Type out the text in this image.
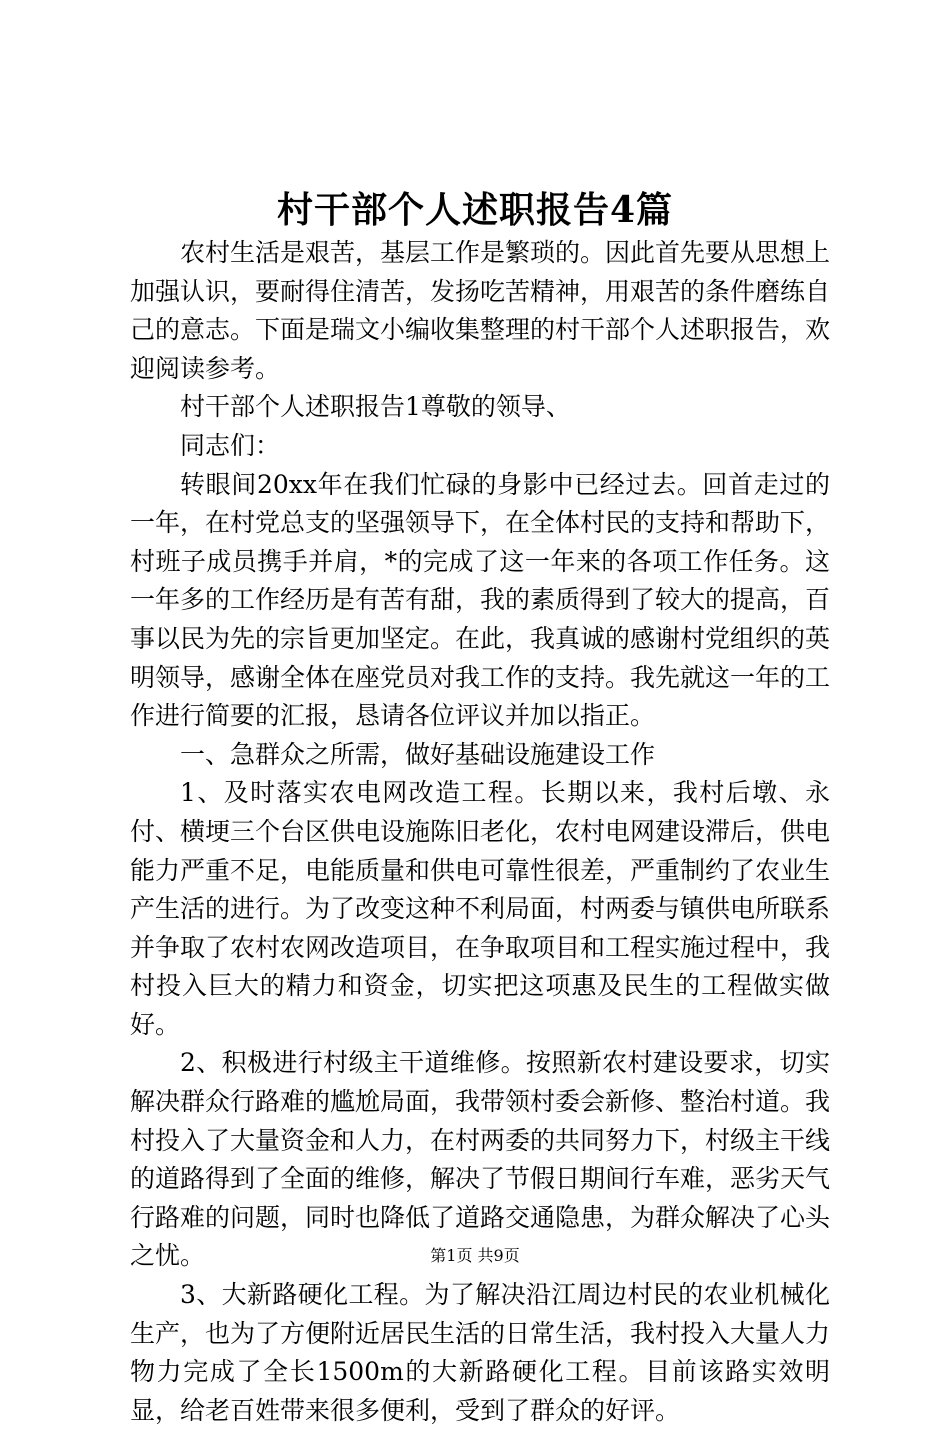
村干部个人述职报告4篇

农村生活是艰苦，基层工作是繁琐的。因此首先要从思想上加强认识，要耐得住清苦，发扬吃苦精神，用艰苦的条件磨练自己的意志。下面是瑞文小编收集整理的村干部个人述职报告，欢迎阅读参考。

村干部个人述职报告1尊敬的领导、

同志们：

转眼间20xx年在我们忙碌的身影中已经过去。回首走过的一年，在村党总支的坚强领导下，在全体村民的支持和帮助下，村班子成员携手并肩，*的完成了这一年来的各项工作任务。这一年多的工作经历是有苦有甜，我的素质得到了较大的提高，百事以民为先的宗旨更加坚定。在此，我真诚的感谢村党组织的英明领导，感谢全体在座党员对我工作的支持。我先就这一年的工作进行简要的汇报，恳请各位评议并加以指正。

一、急群众之所需，做好基础设施建设工作

1、及时落实农电网改造工程。长期以来，我村后墩、永付、横埂三个台区供电设施陈旧老化，农村电网建设滞后，供电能力严重不足，电能质量和供电可靠性很差，严重制约了农业生产生活的进行。为了改变这种不利局面，村两委与镇供电所联系并争取了农村农网改造项目，在争取项目和工程实施过程中，我村投入巨大的精力和资金，切实把这项惠及民生的工程做实做好。

2、积极进行村级主干道维修。按照新农村建设要求，切实解决群众行路难的尴尬局面，我带领村委会新修、整治村道。我村投入了大量资金和人力，在村两委的共同努力下，村级主干线的道路得到了全面的维修，解决了节假日期间行车难，恶劣天气行路难的问题，同时也降低了道路交通隐患，为群众解决了心头之忧。

3、大新路硬化工程。为了解决沿江周边村民的农业机械化生产，也为了方便附近居民生活的日常生活，我村投入大量人力物力完成了全长1500m的大新路硬化工程。目前该路实效明显，给老百姓带来很多便利，受到了群众的好评。

第1页 共9页
